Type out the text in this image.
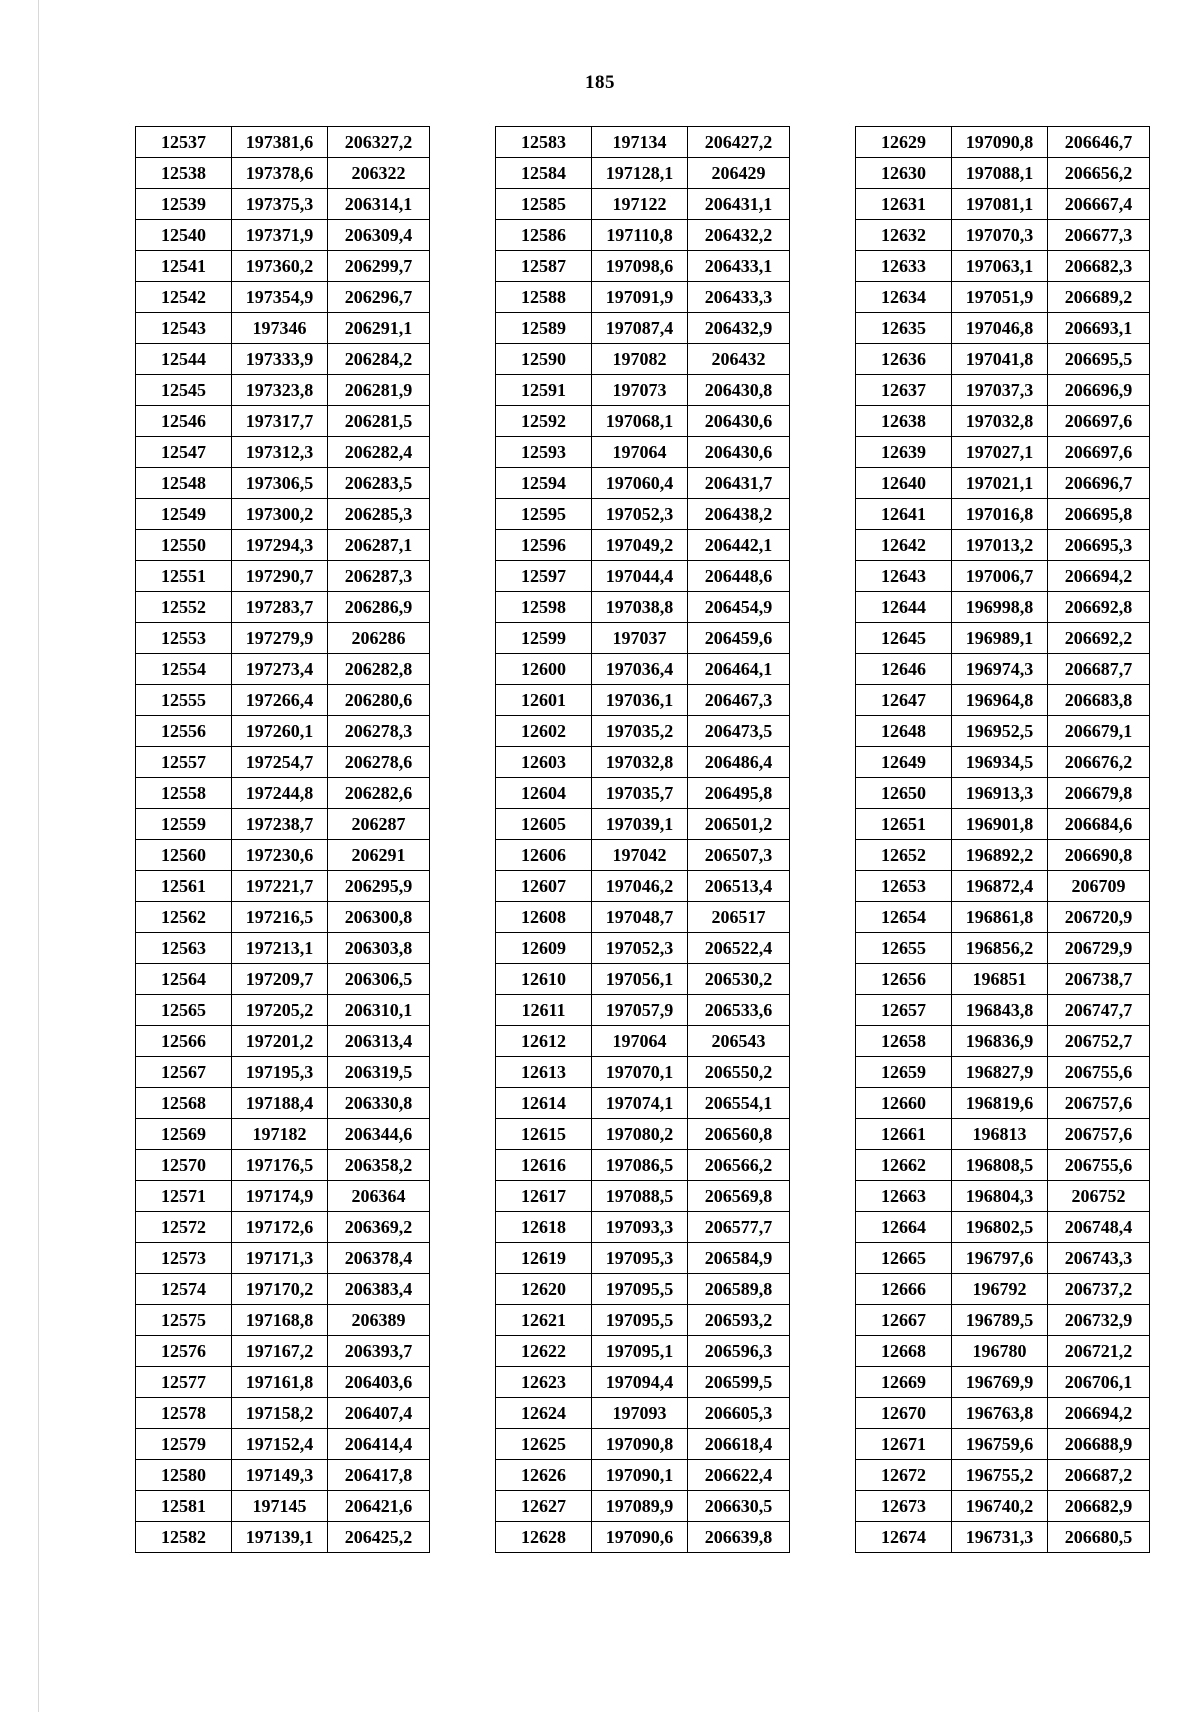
185
12537	197381,6	206327,2
12538	197378,6	206322
12539	197375,3	206314,1
12540	197371,9	206309,4
12541	197360,2	206299,7
12542	197354,9	206296,7
12543	197346	206291,1
12544	197333,9	206284,2
12545	197323,8	206281,9
12546	197317,7	206281,5
12547	197312,3	206282,4
12548	197306,5	206283,5
12549	197300,2	206285,3
12550	197294,3	206287,1
12551	197290,7	206287,3
12552	197283,7	206286,9
12553	197279,9	206286
12554	197273,4	206282,8
12555	197266,4	206280,6
12556	197260,1	206278,3
12557	197254,7	206278,6
12558	197244,8	206282,6
12559	197238,7	206287
12560	197230,6	206291
12561	197221,7	206295,9
12562	197216,5	206300,8
12563	197213,1	206303,8
12564	197209,7	206306,5
12565	197205,2	206310,1
12566	197201,2	206313,4
12567	197195,3	206319,5
12568	197188,4	206330,8
12569	197182	206344,6
12570	197176,5	206358,2
12571	197174,9	206364
12572	197172,6	206369,2
12573	197171,3	206378,4
12574	197170,2	206383,4
12575	197168,8	206389
12576	197167,2	206393,7
12577	197161,8	206403,6
12578	197158,2	206407,4
12579	197152,4	206414,4
12580	197149,3	206417,8
12581	197145	206421,6
12582	197139,1	206425,2
12583	197134	206427,2
12584	197128,1	206429
12585	197122	206431,1
12586	197110,8	206432,2
12587	197098,6	206433,1
12588	197091,9	206433,3
12589	197087,4	206432,9
12590	197082	206432
12591	197073	206430,8
12592	197068,1	206430,6
12593	197064	206430,6
12594	197060,4	206431,7
12595	197052,3	206438,2
12596	197049,2	206442,1
12597	197044,4	206448,6
12598	197038,8	206454,9
12599	197037	206459,6
12600	197036,4	206464,1
12601	197036,1	206467,3
12602	197035,2	206473,5
12603	197032,8	206486,4
12604	197035,7	206495,8
12605	197039,1	206501,2
12606	197042	206507,3
12607	197046,2	206513,4
12608	197048,7	206517
12609	197052,3	206522,4
12610	197056,1	206530,2
12611	197057,9	206533,6
12612	197064	206543
12613	197070,1	206550,2
12614	197074,1	206554,1
12615	197080,2	206560,8
12616	197086,5	206566,2
12617	197088,5	206569,8
12618	197093,3	206577,7
12619	197095,3	206584,9
12620	197095,5	206589,8
12621	197095,5	206593,2
12622	197095,1	206596,3
12623	197094,4	206599,5
12624	197093	206605,3
12625	197090,8	206618,4
12626	197090,1	206622,4
12627	197089,9	206630,5
12628	197090,6	206639,8
12629	197090,8	206646,7
12630	197088,1	206656,2
12631	197081,1	206667,4
12632	197070,3	206677,3
12633	197063,1	206682,3
12634	197051,9	206689,2
12635	197046,8	206693,1
12636	197041,8	206695,5
12637	197037,3	206696,9
12638	197032,8	206697,6
12639	197027,1	206697,6
12640	197021,1	206696,7
12641	197016,8	206695,8
12642	197013,2	206695,3
12643	197006,7	206694,2
12644	196998,8	206692,8
12645	196989,1	206692,2
12646	196974,3	206687,7
12647	196964,8	206683,8
12648	196952,5	206679,1
12649	196934,5	206676,2
12650	196913,3	206679,8
12651	196901,8	206684,6
12652	196892,2	206690,8
12653	196872,4	206709
12654	196861,8	206720,9
12655	196856,2	206729,9
12656	196851	206738,7
12657	196843,8	206747,7
12658	196836,9	206752,7
12659	196827,9	206755,6
12660	196819,6	206757,6
12661	196813	206757,6
12662	196808,5	206755,6
12663	196804,3	206752
12664	196802,5	206748,4
12665	196797,6	206743,3
12666	196792	206737,2
12667	196789,5	206732,9
12668	196780	206721,2
12669	196769,9	206706,1
12670	196763,8	206694,2
12671	196759,6	206688,9
12672	196755,2	206687,2
12673	196740,2	206682,9
12674	196731,3	206680,5
